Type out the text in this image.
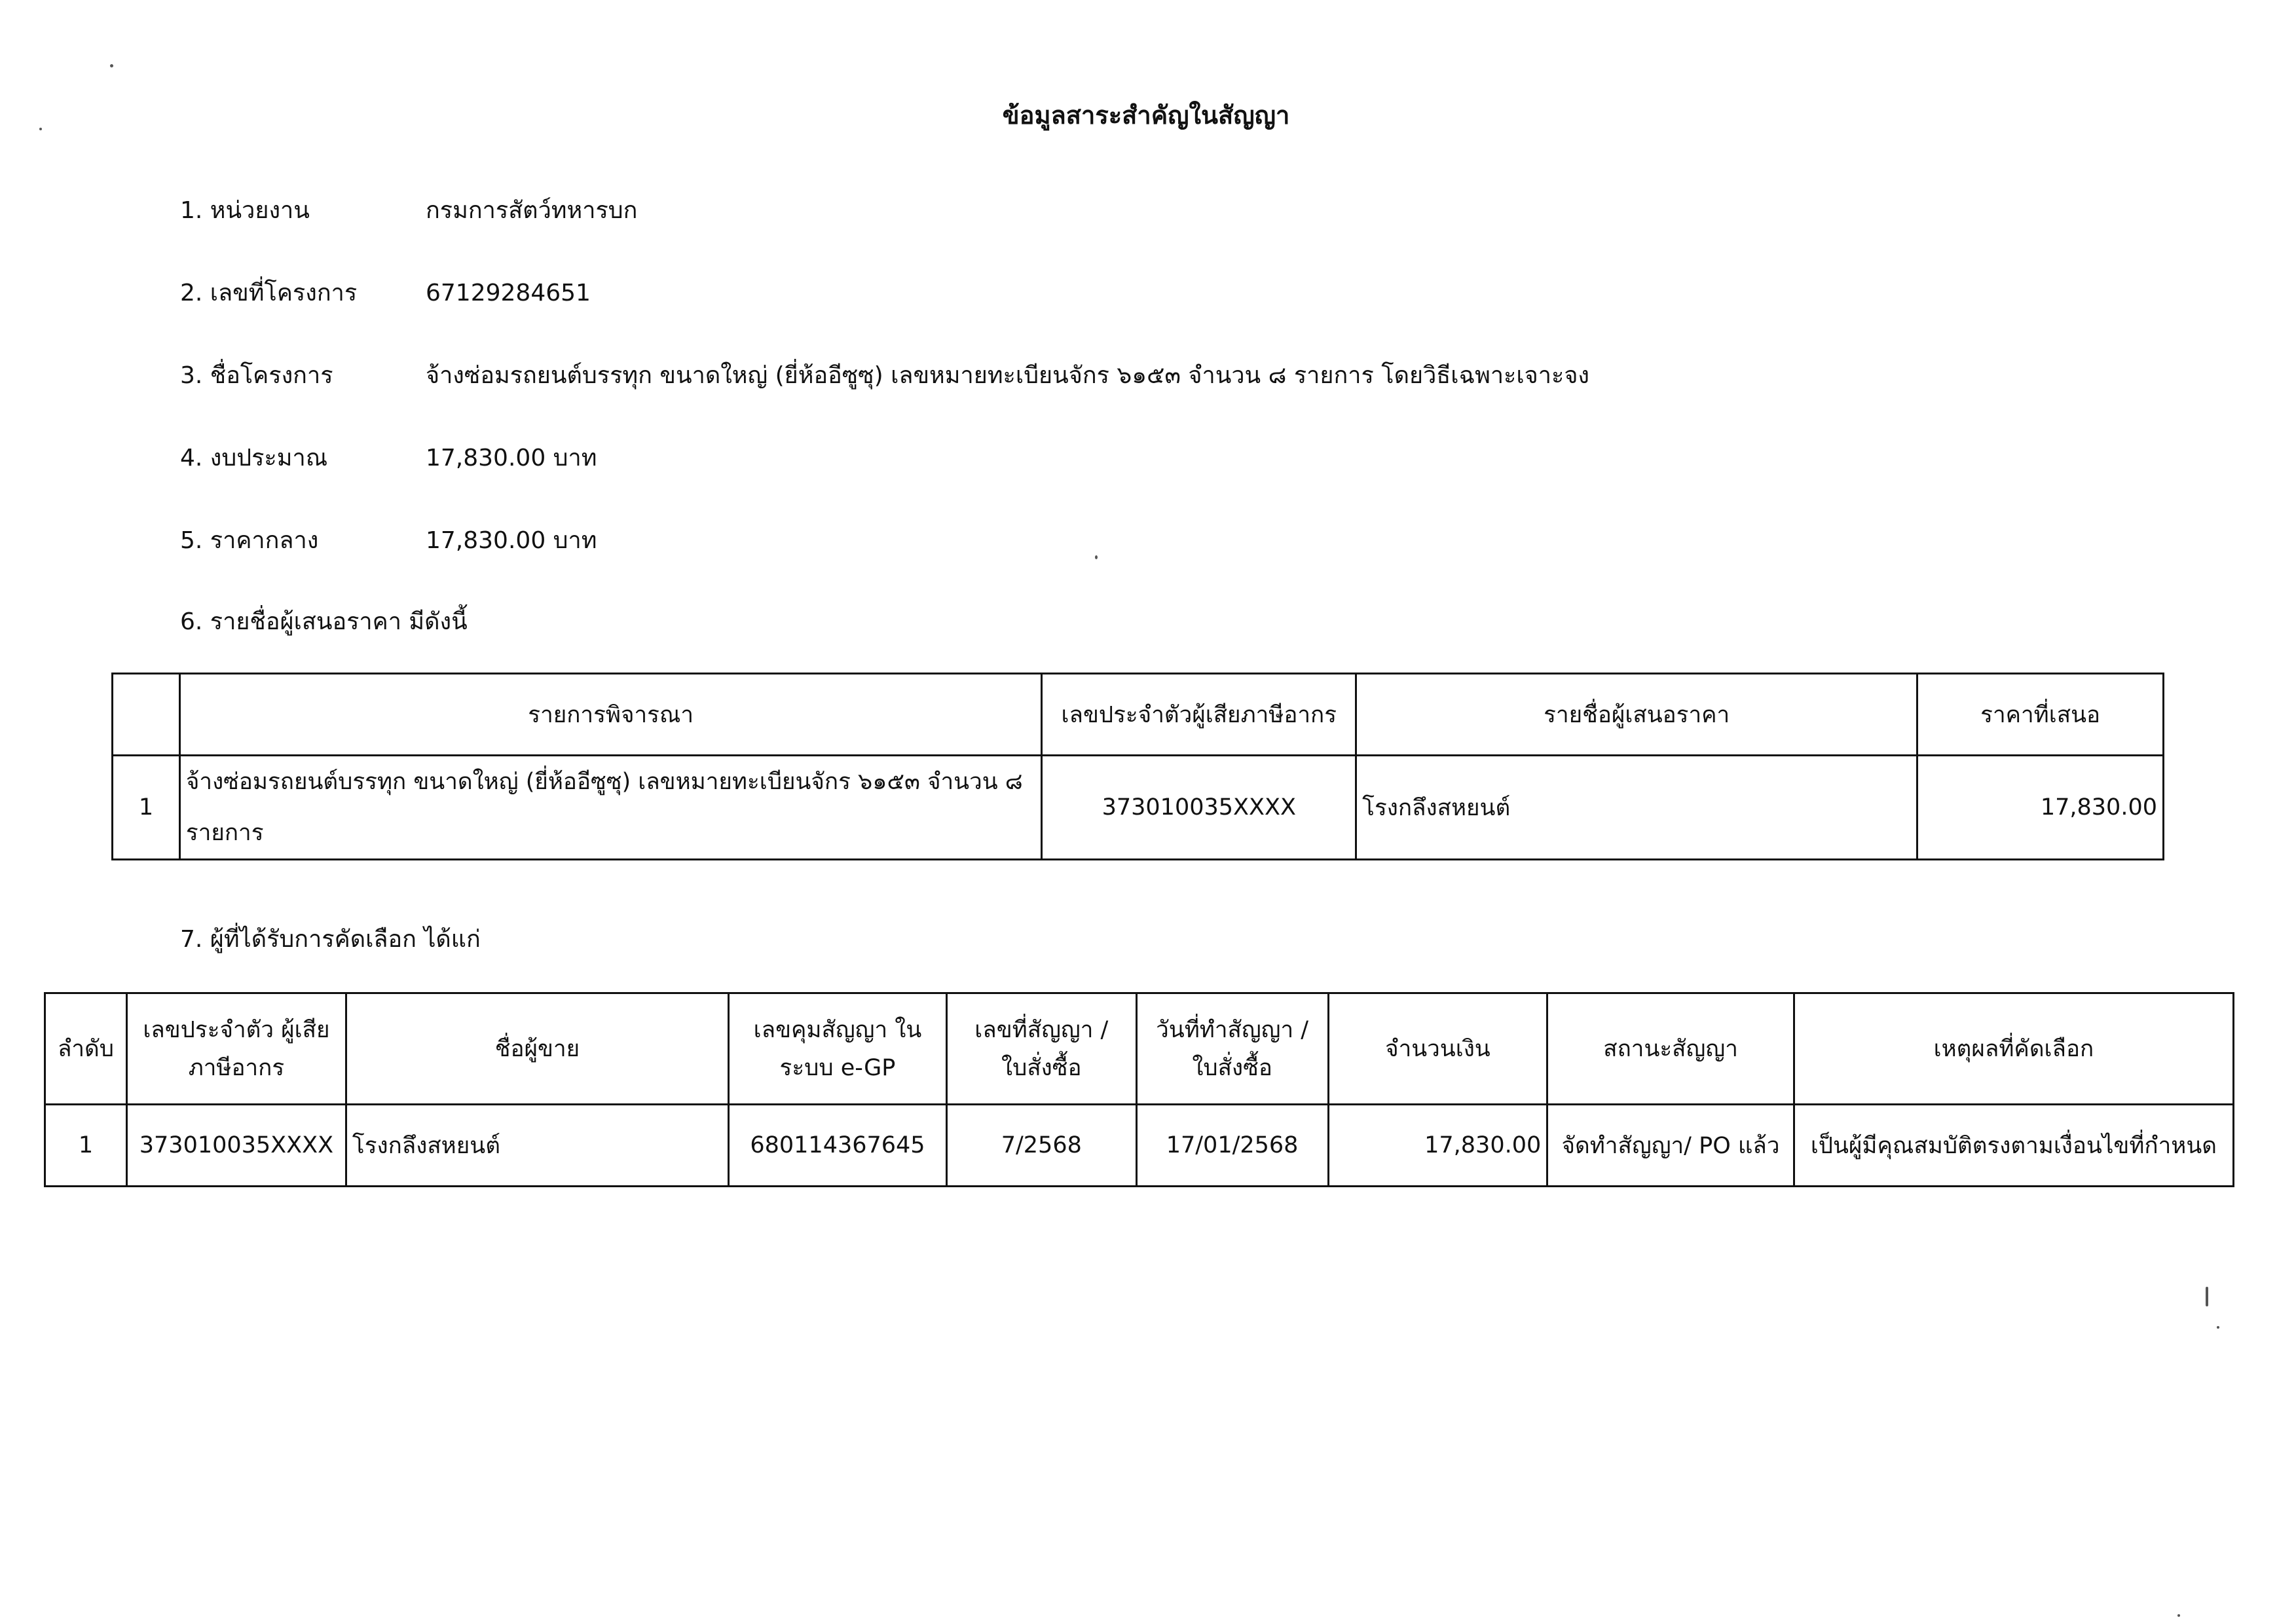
ข้อมูลสาระสำคัญในสัญญา
1. หน่วยงาน	กรมการสัตว์ทหารบก
2. เลขที่โครงการ	67129284651
3. ชื่อโครงการ	จ้างซ่อมรถยนต์บรรทุก ขนาดใหญ่ (ยี่ห้ออีซูซุ) เลขหมายทะเบียนจักร ๖๑๕๓ จำนวน ๘ รายการ โดยวิธีเฉพาะเจาะจง
4. งบประมาณ	17,830.00 บาท
5. ราคากลาง	17,830.00 บาท
6. รายชื่อผู้เสนอราคา มีดังนี้
	รายการพิจารณา	เลขประจำตัวผู้เสียภาษีอากร	รายชื่อผู้เสนอราคา	ราคาที่เสนอ
1	จ้างซ่อมรถยนต์บรรทุก ขนาดใหญ่ (ยี่ห้ออีซูซุ) เลขหมายทะเบียนจักร ๖๑๕๓ จำนวน ๘ รายการ	373010035XXXX	โรงกลึงสหยนต์	17,830.00
7. ผู้ที่ได้รับการคัดเลือก ได้แก่
ลำดับ	เลขประจำตัว ผู้เสียภาษีอากร	ชื่อผู้ขาย	เลขคุมสัญญา ในระบบ e-GP	เลขที่สัญญา / ใบสั่งซื้อ	วันที่ทำสัญญา / ใบสั่งซื้อ	จำนวนเงิน	สถานะสัญญา	เหตุผลที่คัดเลือก
1	373010035XXXX	โรงกลึงสหยนต์	680114367645	7/2568	17/01/2568	17,830.00	จัดทำสัญญา/ PO แล้ว	เป็นผู้มีคุณสมบัติตรงตามเงื่อนไขที่กำหนด
